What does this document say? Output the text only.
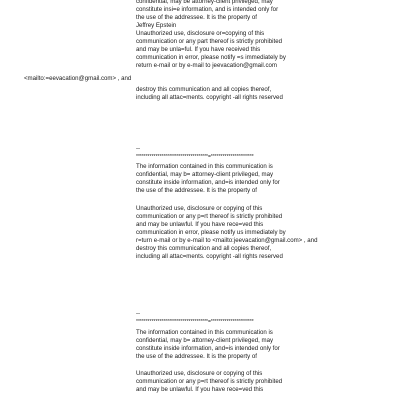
confidential, may be attorney-client privileged, may
constitute insi=e information, and is intended only for
the use of the addressee. It is the property of
Jeffrey Epstein
Unauthorized use, disclosure or=copying of this
communication or any part thereof is strictly prohibited
and may be unla=ful. If you have received this
communication in error, please notify =s immediately by
return e-mail or by e-mail to jeevacation@gmail.com
<mailto:=eevacation@gmail.com> , and
destroy this communication and all copies thereof,
including all attac=ments. copyright -all rights reserved
--
*************************************=**********************
The information contained in this communication is
confidential, may b= attorney-client privileged, may
constitute inside information, and=is intended only for
the use of the addressee. It is the property of
Unauthorized use, disclosure or copying of this
communication or any p=rt thereof is strictly prohibited
and may be unlawful. If you have rece=ved this
communication in error, please notify us immediately by
r=turn e-mail or by e-mail to <mailto:jeevacation@gmail.com> , and
destroy this communication and all copies thereof,
including all attac=ments. copyright -all rights reserved
--
*************************************=**********************
The information contained in this communication is
confidential, may b= attorney-client privileged, may
constitute inside information, and=is intended only for
the use of the addressee. It is the property of
Unauthorized use, disclosure or copying of this
communication or any p=rt thereof is strictly prohibited
and may be unlawful. If you have rece=ved this
